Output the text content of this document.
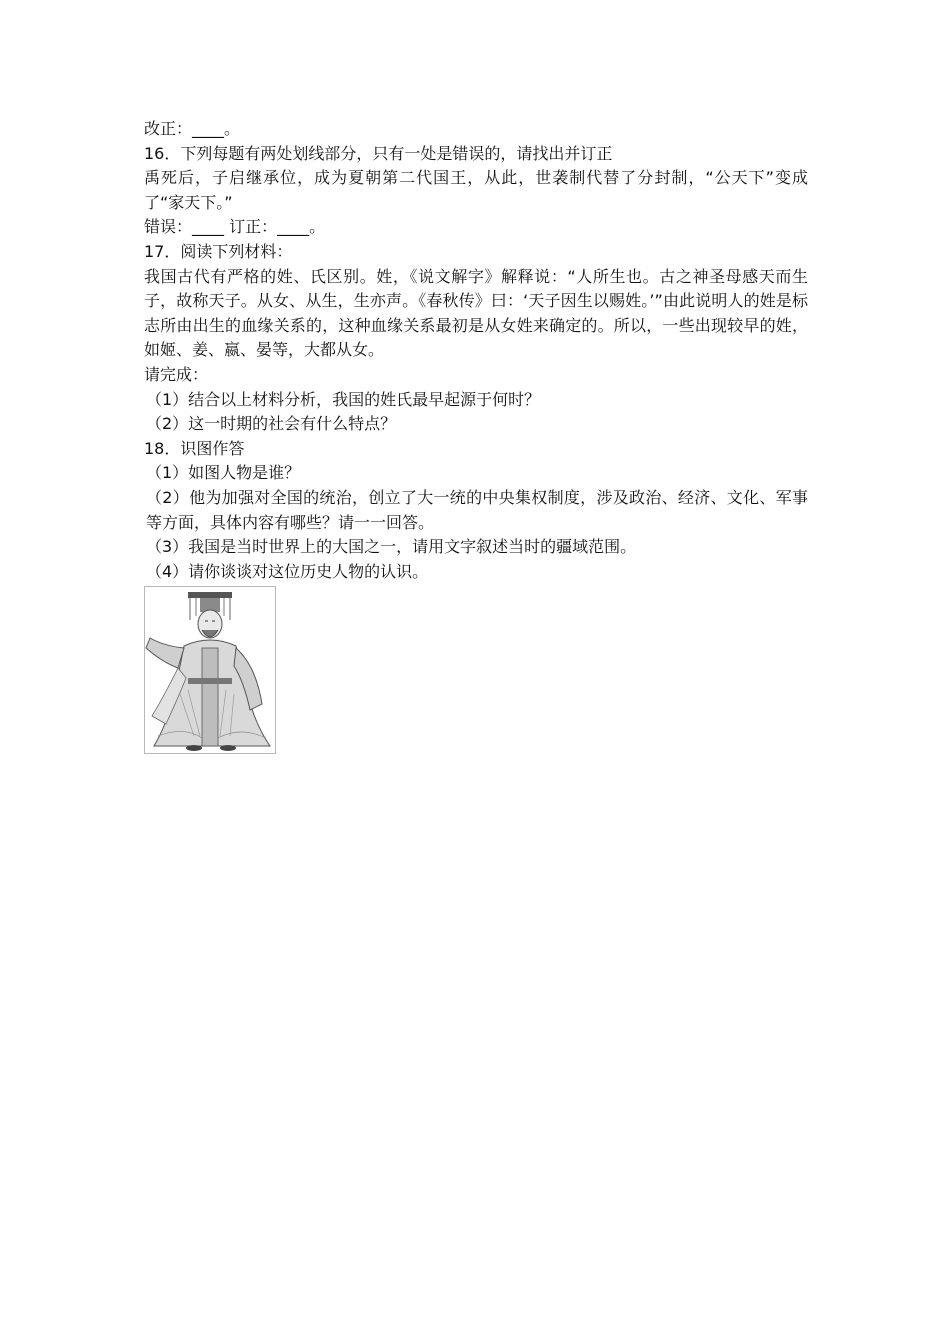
改正：____。

16．下列每题有两处划线部分，只有一处是错误的，请找出并订正

禹死后，子启继承位，成为夏朝第二代国王，从此，世袭制代替了分封制，“公天下”变成了“家天下。”

错误：____ 订正：____。

17．阅读下列材料：

我国古代有严格的姓、氏区别。姓，《说文解字》解释说：“人所生也。古之神圣母感天而生子，故称天子。从女、从生，生亦声。《春秋传》曰：‘天子因生以赐姓。’”由此说明人的姓是标志所由出生的血缘关系的，这种血缘关系最初是从女姓来确定的。所以，一些出现较早的姓，如姬、姜、嬴、晏等，大都从女。

请完成：

（1）结合以上材料分析，我国的姓氏最早起源于何时？

（2）这一时期的社会有什么特点？

18．识图作答

（1）如图人物是谁？

（2）他为加强对全国的统治，创立了大一统的中央集权制度，涉及政治、经济、文化、军事等方面，具体内容有哪些？请一一回答。

（3）我国是当时世界上的大国之一，请用文字叙述当时的疆域范围。

（4）请你谈谈对这位历史人物的认识。
